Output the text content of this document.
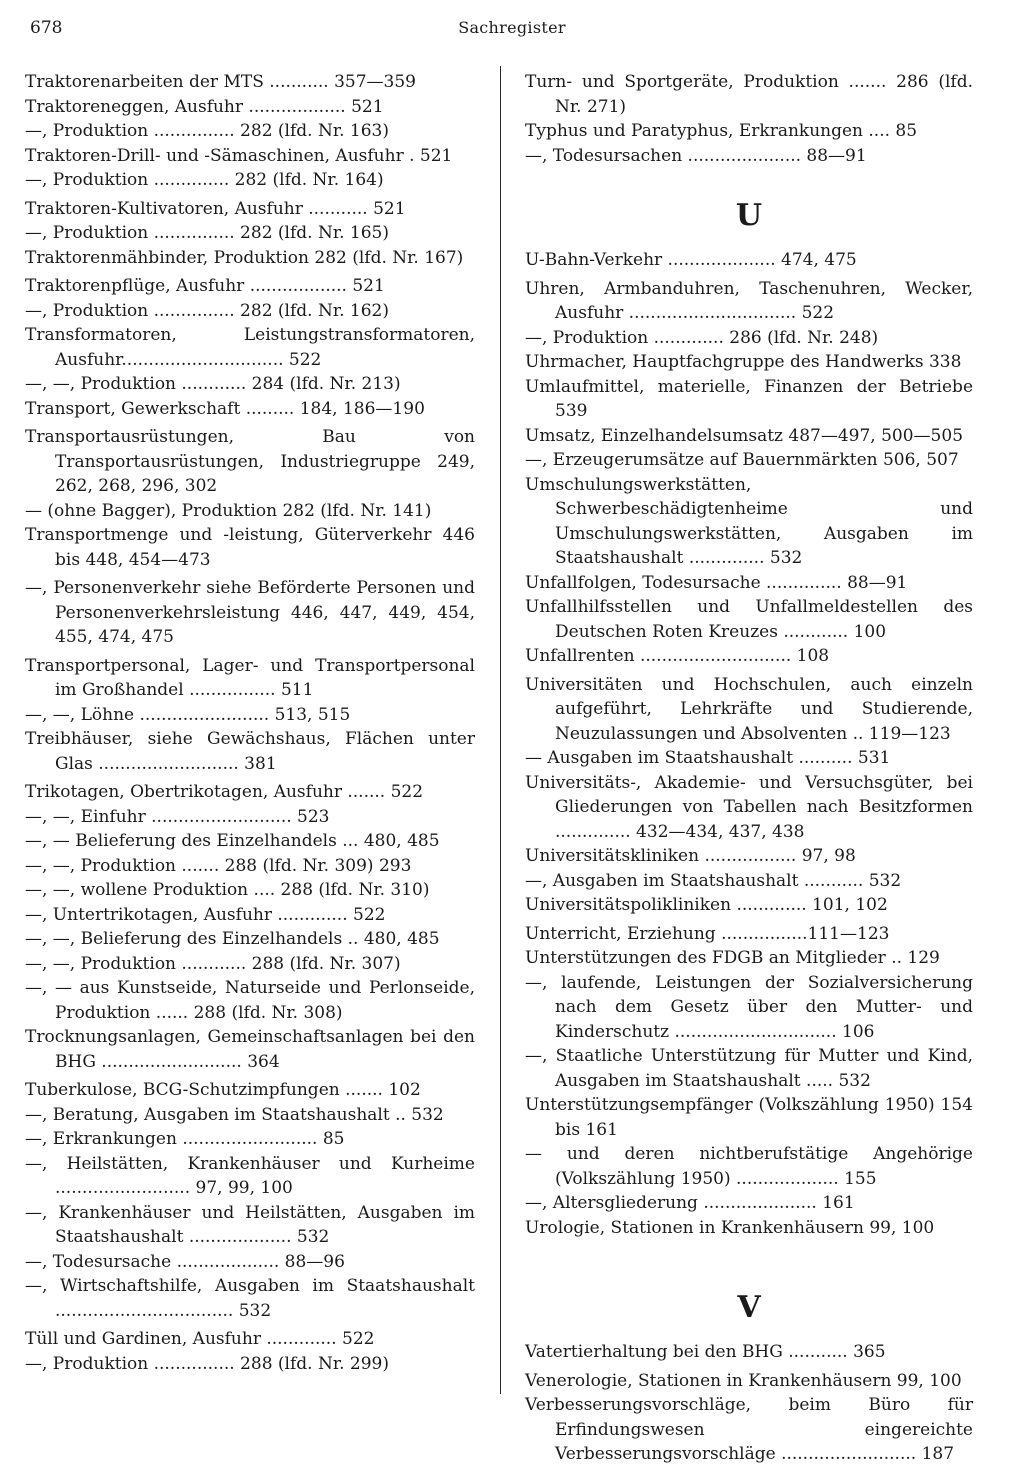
678	Sachregister

Traktorenarbeiten der MTS ........... 357—359

Traktoreneggen, Ausfuhr .................. 521

—, Produktion ............... 282 (lfd. Nr. 163)

Traktoren-Drill- und -Sämaschinen, Ausfuhr . 521

—, Produktion .............. 282 (lfd. Nr. 164)

Traktoren-Kultivatoren, Ausfuhr ........... 521

—, Produktion ............... 282 (lfd. Nr. 165)

Traktorenmähbinder, Produktion 282 (lfd. Nr. 167)

Traktorenpflüge, Ausfuhr .................. 521

—, Produktion ............... 282 (lfd. Nr. 162)

Transformatoren, Leistungstransformatoren, Ausfuhr.............................. 522

—, —, Produktion ............ 284 (lfd. Nr. 213)

Transport, Gewerkschaft ......... 184, 186—190

Transportausrüstungen, Bau von Transportausrüstungen, Industriegruppe 249, 262, 268, 296, 302

— (ohne Bagger), Produktion 282 (lfd. Nr. 141)

Transportmenge und -leistung, Güterverkehr 446 bis 448, 454—473

—, Personenverkehr siehe Beförderte Personen und Personenverkehrsleistung 446, 447, 449, 454, 455, 474, 475

Transportpersonal, Lager- und Transportpersonal im Großhandel ................ 511

—, —, Löhne ........................ 513, 515

Treibhäuser, siehe Gewächshaus, Flächen unter Glas .......................... 381

Trikotagen, Obertrikotagen, Ausfuhr ....... 522

—, —, Einfuhr .......................... 523

—, — Belieferung des Einzelhandels ... 480, 485

—, —, Produktion ....... 288 (lfd. Nr. 309) 293

—, —, wollene Produktion .... 288 (lfd. Nr. 310)

—, Untertrikotagen, Ausfuhr ............. 522

—, —, Belieferung des Einzelhandels .. 480, 485

—, —, Produktion ............ 288 (lfd. Nr. 307)

—, — aus Kunstseide, Naturseide und Perlonseide, Produktion ...... 288 (lfd. Nr. 308)

Trocknungsanlagen, Gemeinschaftsanlagen bei den BHG .......................... 364

Tuberkulose, BCG-Schutzimpfungen ....... 102

—, Beratung, Ausgaben im Staatshaushalt .. 532

—, Erkrankungen ......................... 85

—, Heilstätten, Krankenhäuser und Kurheime ......................... 97, 99, 100

—, Krankenhäuser und Heilstätten, Ausgaben im Staatshaushalt ................... 532

—, Todesursache ................... 88—96

—, Wirtschaftshilfe, Ausgaben im Staatshaushalt ................................. 532

Tüll und Gardinen, Ausfuhr ............. 522

—, Produktion ............... 288 (lfd. Nr. 299)

Turn- und Sportgeräte, Produktion ....... 286 (lfd. Nr. 271)

Typhus und Paratyphus, Erkrankungen .... 85

—, Todesursachen ..................... 88—91

U

U-Bahn-Verkehr .................... 474, 475

Uhren, Armbanduhren, Taschenuhren, Wecker, Ausfuhr ............................... 522

—, Produktion ............. 286 (lfd. Nr. 248)

Uhrmacher, Hauptfachgruppe des Handwerks 338

Umlaufmittel, materielle, Finanzen der Betriebe 539

Umsatz, Einzelhandelsumsatz 487—497, 500—505

—, Erzeugerumsätze auf Bauernmärkten 506, 507

Umschulungswerkstätten, Schwerbeschädigtenheime und Umschulungswerkstätten, Ausgaben im Staatshaushalt .............. 532

Unfallfolgen, Todesursache .............. 88—91

Unfallhilfsstellen und Unfallmeldestellen des Deutschen Roten Kreuzes ............ 100

Unfallrenten ............................ 108

Universitäten und Hochschulen, auch einzeln aufgeführt, Lehrkräfte und Studierende, Neuzulassungen und Absolventen .. 119—123

— Ausgaben im Staatshaushalt .......... 531

Universitäts-, Akademie- und Versuchsgüter, bei Gliederungen von Tabellen nach Besitzformen .............. 432—434, 437, 438

Universitätskliniken ................. 97, 98

—, Ausgaben im Staatshaushalt ........... 532

Universitätspolikliniken ............. 101, 102

Unterricht, Erziehung ................111—123

Unterstützungen des FDGB an Mitglieder .. 129

—, laufende, Leistungen der Sozialversicherung nach dem Gesetz über den Mutter- und Kinderschutz .............................. 106

—, Staatliche Unterstützung für Mutter und Kind, Ausgaben im Staatshaushalt ..... 532

Unterstützungsempfänger (Volkszählung 1950) 154 bis 161

— und deren nichtberufstätige Angehörige (Volkszählung 1950) ................... 155

—, Altersgliederung ..................... 161

Urologie, Stationen in Krankenhäusern 99, 100

V

Vatertierhaltung bei den BHG ........... 365

Venerologie, Stationen in Krankenhäusern 99, 100

Verbesserungsvorschläge, beim Büro für Erfindungswesen eingereichte Verbesserungsvorschläge ......................... 187
